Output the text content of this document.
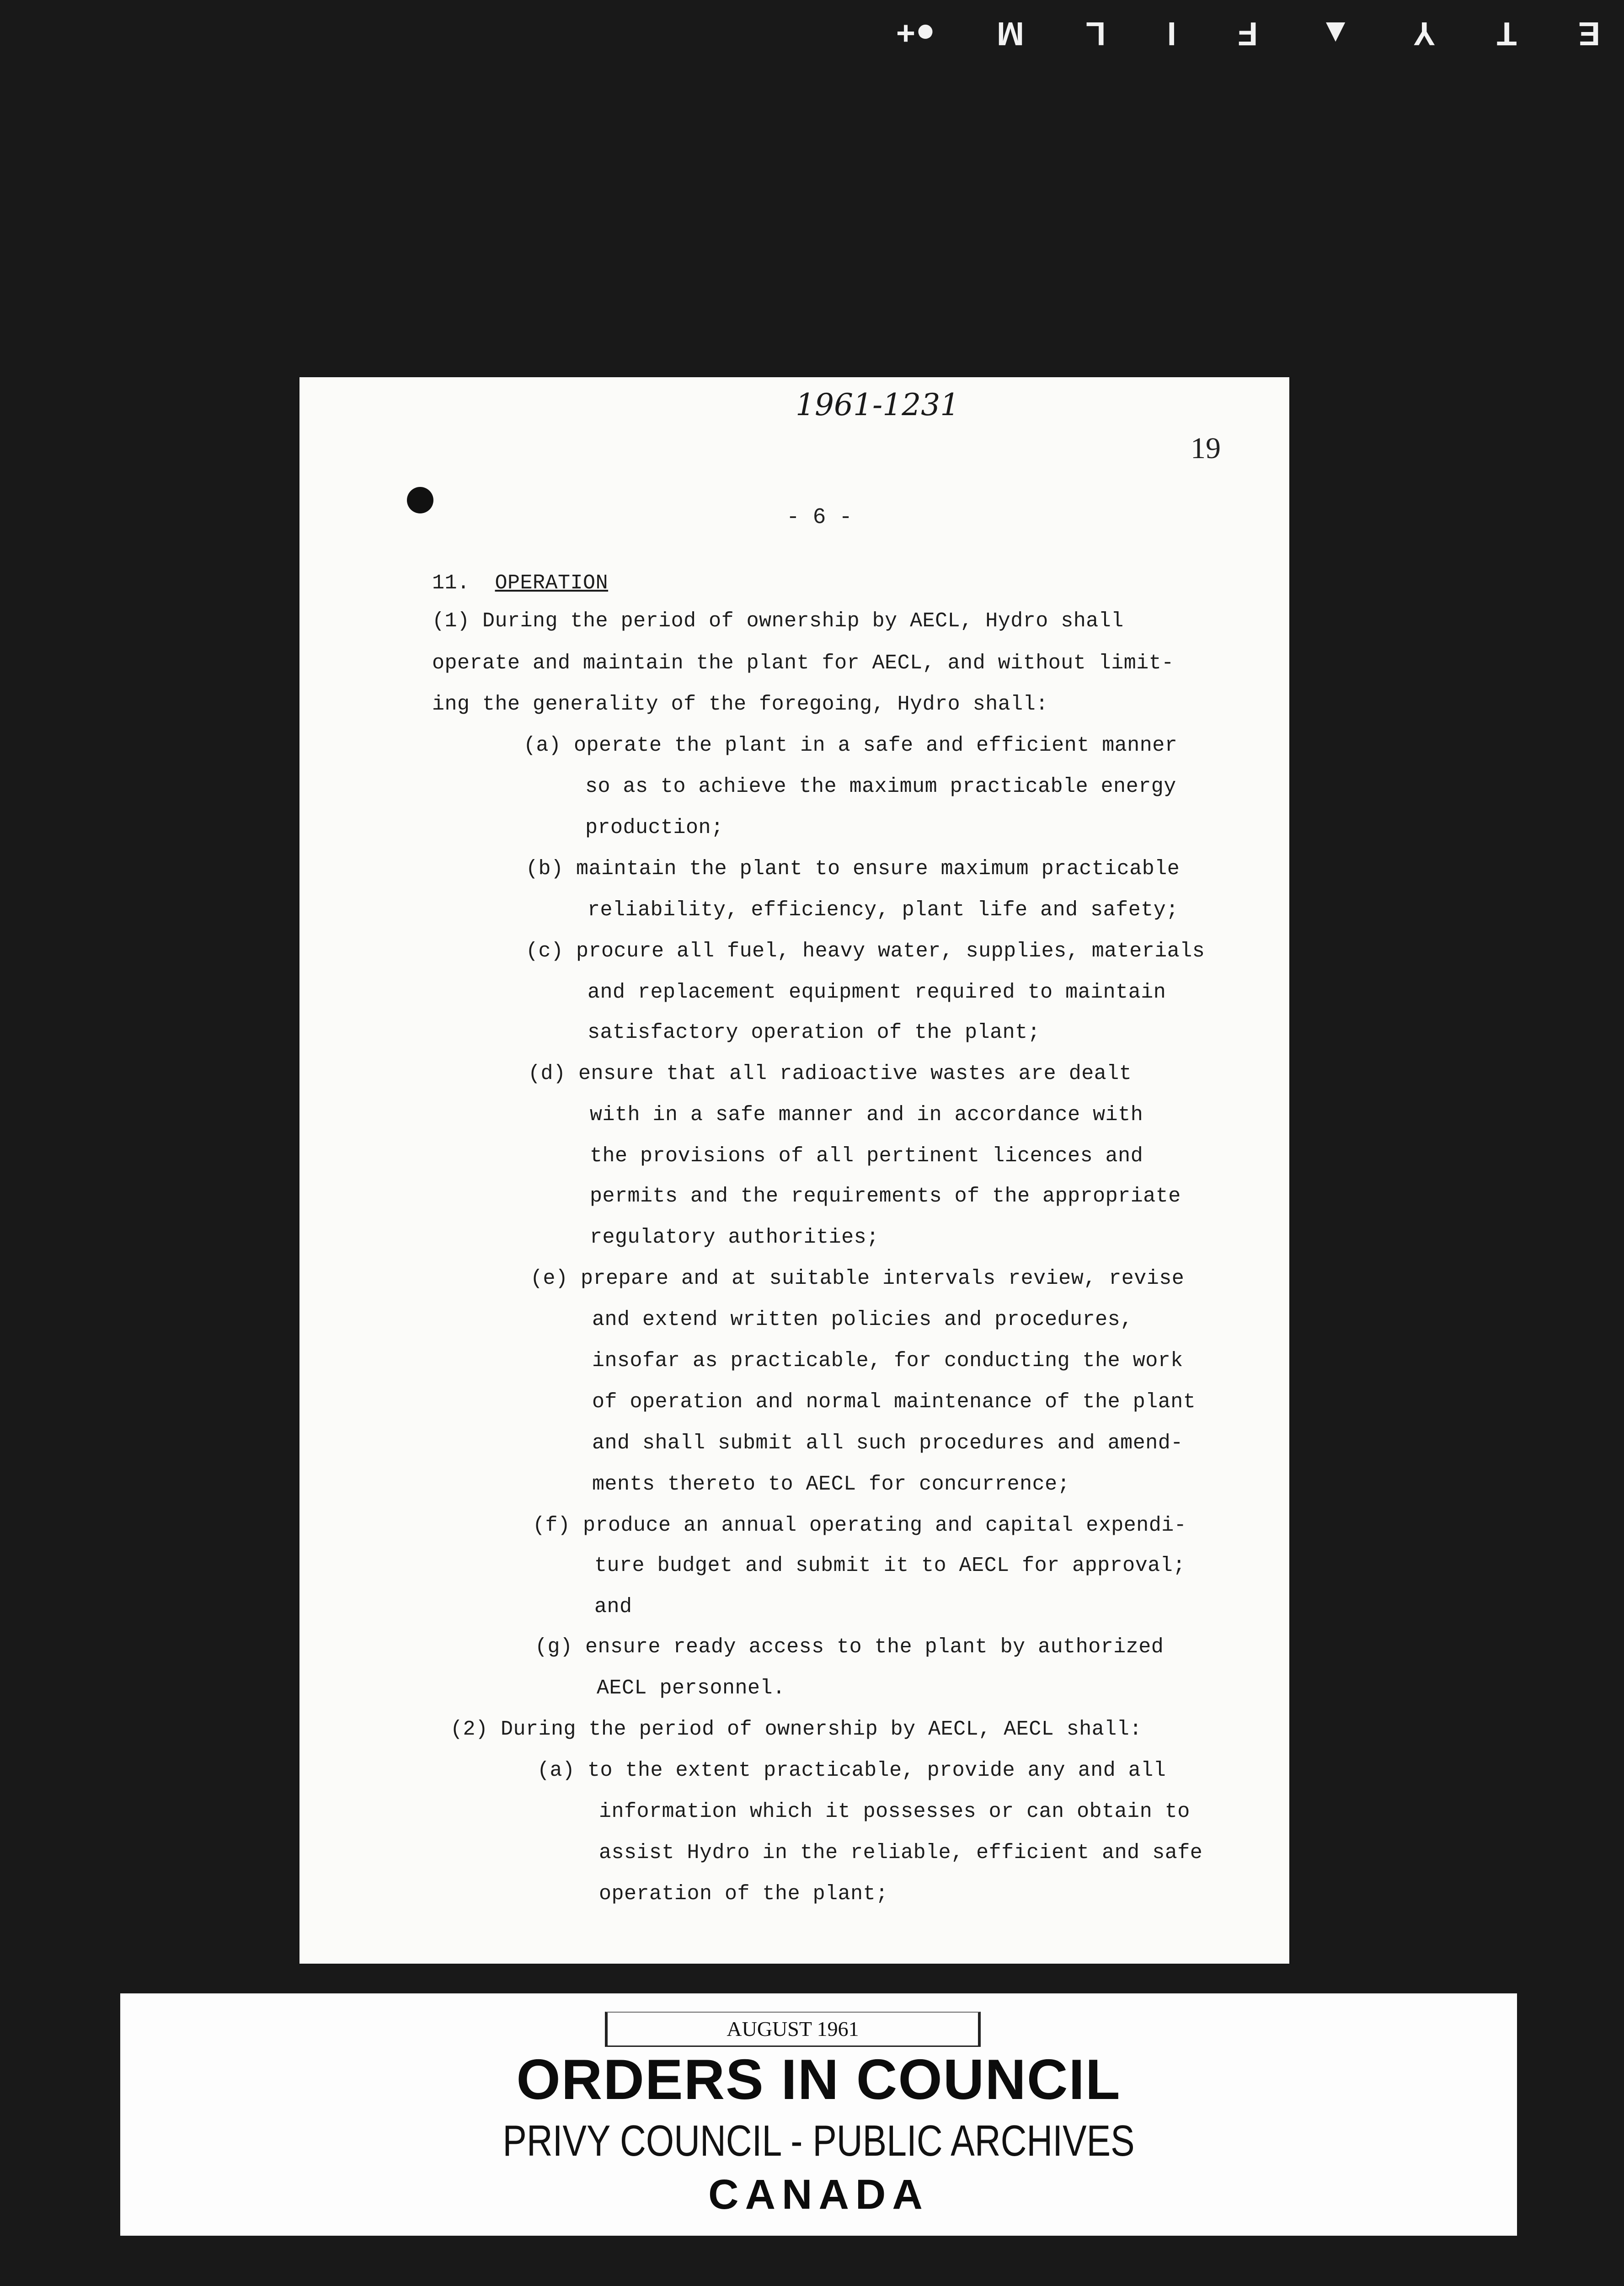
E
T
Y
▲
F
I
L
M
●+
1961-1231
19
- 6 -
11. OPERATION
(1) During the period of ownership by AECL, Hydro shall
operate and maintain the plant for AECL, and without limit-
ing the generality of the foregoing, Hydro shall:
(a) operate the plant in a safe and efficient manner
so as to achieve the maximum practicable energy
production;
(b) maintain the plant to ensure maximum practicable
reliability, efficiency, plant life and safety;
(c) procure all fuel, heavy water, supplies, materials
and replacement equipment required to maintain
satisfactory operation of the plant;
(d) ensure that all radioactive wastes are dealt
with in a safe manner and in accordance with
the provisions of all pertinent licences and
permits and the requirements of the appropriate
regulatory authorities;
(e) prepare and at suitable intervals review, revise
and extend written policies and procedures,
insofar as practicable, for conducting the work
of operation and normal maintenance of the plant
and shall submit all such procedures and amend-
ments thereto to AECL for concurrence;
(f) produce an annual operating and capital expendi-
ture budget and submit it to AECL for approval;
and
(g) ensure ready access to the plant by authorized
AECL personnel.
(2) During the period of ownership by AECL, AECL shall:
(a) to the extent practicable, provide any and all
information which it possesses or can obtain to
assist Hydro in the reliable, efficient and safe
operation of the plant;
AUGUST 1961
ORDERS IN COUNCIL
PRIVY COUNCIL - PUBLIC ARCHIVES
CANADA
